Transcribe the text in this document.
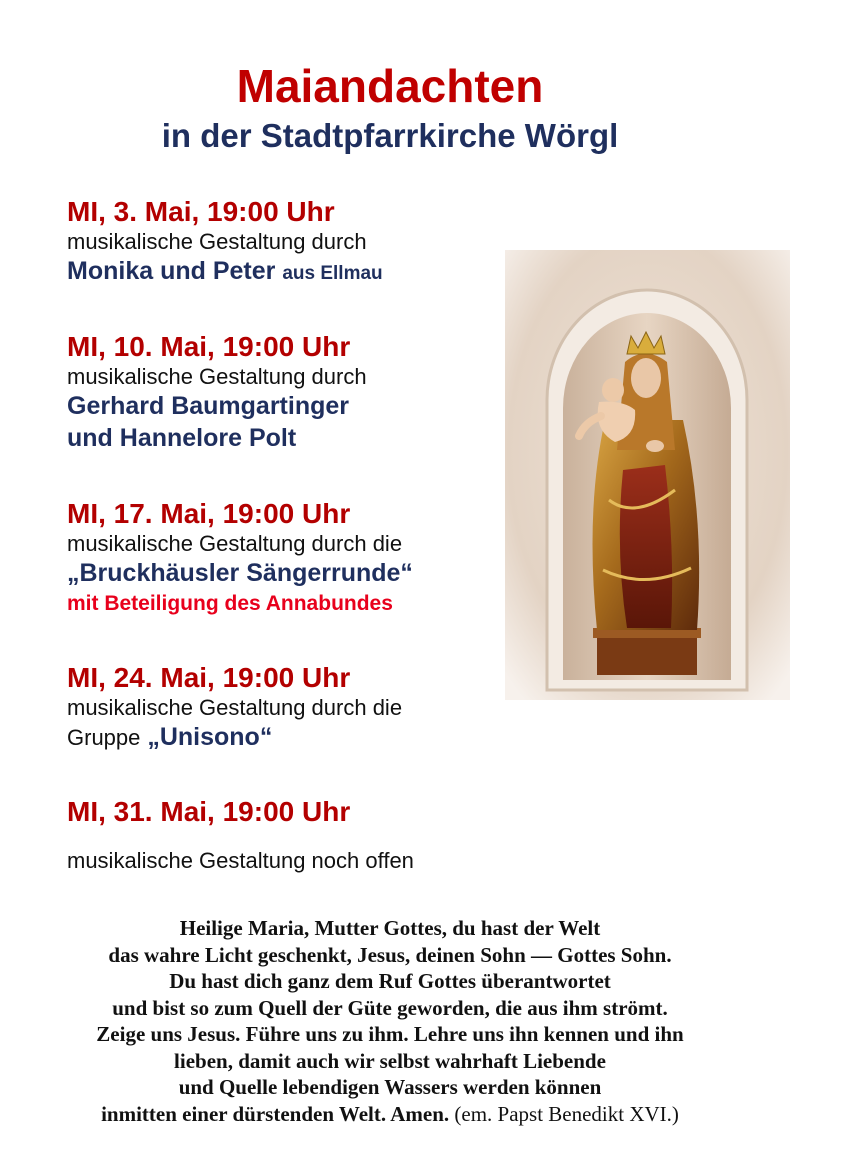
Maiandachten
in der Stadtpfarrkirche Wörgl
MI, 3. Mai, 19:00 Uhr
musikalische Gestaltung durch
Monika und Peter aus Ellmau
MI, 10. Mai, 19:00 Uhr
musikalische Gestaltung durch
Gerhard Baumgartinger
und Hannelore Polt
MI, 17. Mai, 19:00 Uhr
musikalische Gestaltung durch die
„Bruckhäusler Sängerrunde“
mit Beteiligung des Annabundes
MI, 24. Mai, 19:00 Uhr
musikalische Gestaltung durch die
Gruppe „Unisono“
MI, 31. Mai, 19:00 Uhr
musikalische Gestaltung noch offen
Heilige Maria, Mutter Gottes, du hast der Welt
das wahre Licht geschenkt, Jesus, deinen Sohn — Gottes Sohn.
Du hast dich ganz dem Ruf Gottes überantwortet
und bist so zum Quell der Güte geworden, die aus ihm strömt.
Zeige uns Jesus. Führe uns zu ihm. Lehre uns ihn kennen und ihn
lieben, damit auch wir selbst wahrhaft Liebende
und Quelle lebendigen Wassers werden können
inmitten einer dürstenden Welt. Amen. (em. Papst Benedikt XVI.)
